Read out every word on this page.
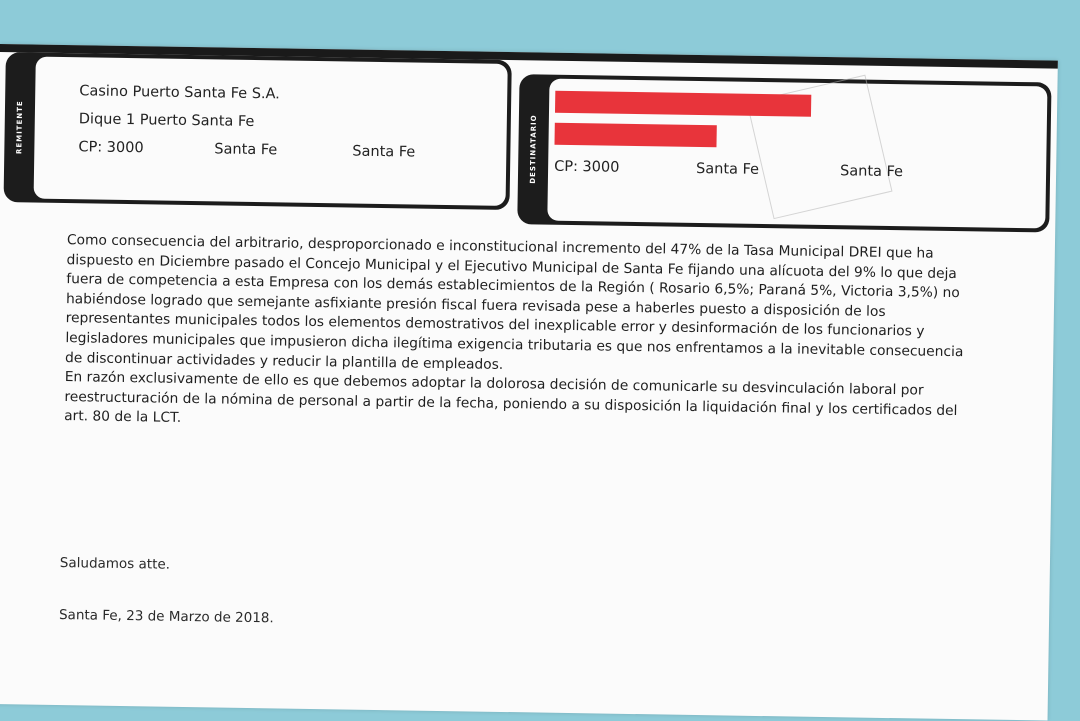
REMITENTE
Casino Puerto Santa Fe S.A.
Dique 1 Puerto Santa Fe
CP: 3000	Santa Fe	Santa Fe	DESTINATARIO CP: 3000	Santa Fe	Santa Fe

Como consecuencia del arbitrario, desproporcionado e inconstitucional incremento del 47% de la Tasa Municipal DREI que ha dispuesto en Diciembre pasado el Concejo Municipal y el Ejecutivo Municipal de Santa Fe fijando una alícuota del 9% lo que deja fuera de competencia a esta Empresa con los demás establecimientos de la Región ( Rosario 6,5%; Paraná 5%, Victoria 3,5%) no habiéndose logrado que semejante asfixiante presión fiscal fuera revisada pese a haberles puesto a disposición de los representantes municipales todos los elementos demostrativos del inexplicable error y desinformación de los funcionarios y legisladores municipales que impusieron dicha ilegítima exigencia tributaria es que nos enfrentamos a la inevitable consecuencia de discontinuar actividades y reducir la plantilla de empleados.

En razón exclusivamente de ello es que debemos adoptar la dolorosa decisión de comunicarle su desvinculación laboral por reestructuración de la nómina de personal a partir de la fecha, poniendo a su disposición la liquidación final y los certificados del art. 80 de la LCT.

Saludamos atte.
Santa Fe, 23 de Marzo de 2018.
